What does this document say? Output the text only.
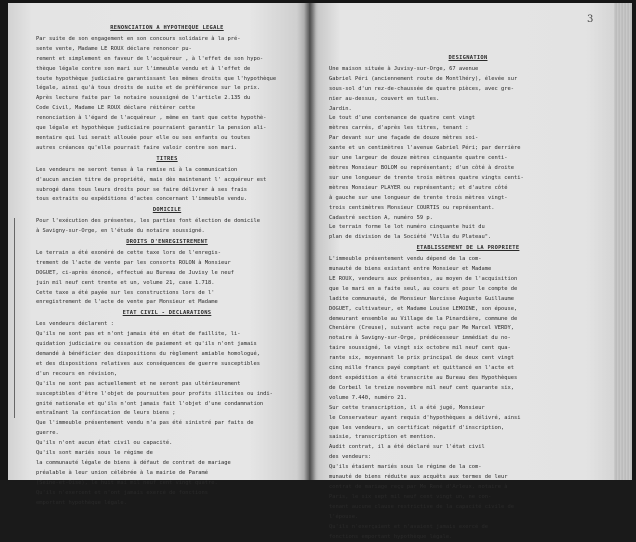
RENONCIATION A HYPOTHEQUE LEGALE
Par suite de son engagement en son concours solidaire à la pré-
sente vente, Madame LE ROUX déclare renoncer pu-
rement et simplement en faveur de l'acquéreur , à l'effet de son hypo-
thèque légale contre son mari sur l'immeuble vendu et à l'effet de
toute hypothèque judiciaire garantissant les mêmes droits que l'hypothèque
légale, ainsi qu'à tous droits de suite et de préférence sur le prix.
Après lecture faite par le notaire soussigné de l'article 2.135 du
Code Civil, Madame LE ROUX déclare réitérer cette
renonciation à l'égard de l'acquéreur , même en tant que cette hypothè-
que légale et hypothèque judiciaire pourraient garantir la pension ali-
mentaire qui lui serait allouée pour elle ou ses enfants ou toutes
autres créances qu'elle pourrait faire valoir contre son mari.
TITRES
Les vendeurs ne seront tenus à la remise ni à la communication
d'aucun ancien titre de propriété, mais dès maintenant l' acquéreur est
subrogé dans tous leurs droits pour se faire délivrer à ses frais
tous extraits ou expéditions d'actes concernant l'immeuble vendu.
DOMICILE
Pour l'exécution des présentes, les parties font élection de domicile
à Savigny-sur-Orge, en l'étude du notaire soussigné.
DROITS D'ENREGISTREMENT
Le terrain a été exonéré de cette taxe lors de l'enregis-
trement de l'acte de vente par les consorts ROLON à Monsieur
DOGUET, ci-après énoncé, effectué au Bureau de Juvisy le neuf
juin mil neuf cent trente et un, volume 21, case 1.718.
Cette taxe a été payée sur les constructions lors de l'
enregistrement de l'acte de vente par Monsieur et Madame
ETAT CIVIL - DECLARATIONS
Les vendeurs déclarent :
Qu'ils ne sont pas et n'ont jamais été en état de faillite, li-
quidation judiciaire ou cessation de paiement et qu'ils n'ont jamais
demandé à bénéficier des dispositions du règlement amiable homologué,
et des dispositions relatives aux conséquences de guerre susceptibles
d'un recours en révision,
Qu'ils ne sont pas actuellement et ne seront pas ultérieurement
susceptibles d'être l'objet de poursuites pour profits illicites ou indi-
gnité nationale et qu'ils n'ont jamais fait l'objet d'une condamnation
entraînant la confiscation de leurs biens ;
Que l'immeuble présentement vendu n'a pas été sinistré par faits de
guerre.
Qu'ils n'ont aucun état civil ou capacité.
Qu'ils sont mariés sous le régime de
la communauté légale de biens à défaut de contrat de mariage
préalable à leur union célébrée à la mairie de Paramé
(Seine-et-Oise), le huit mai mil neuf cent vingt quatre.
Qu'ils n'exercent et n'ont jamais exercé de fonctions
emportant hypothèque légale.
3
DESIGNATION
Une maison située à Juvisy-sur-Orge, 67 avenue
Gabriel Péri (anciennement route de Montlhéry), élevée sur
sous-sol d'un rez-de-chaussée de quatre pièces, avec gre-
nier au-dessus, couvert en tuiles.
Jardin.
Le tout d'une contenance de quatre cent vingt
mètres carrés, d'après les titres, tenant :
Par devant sur une façade de douze mètres soi-
xante et un centimètres l'avenue Gabriel Péri; par derrière
sur une largeur de douze mètres cinquante quatre centi-
mètres Monsieur BOLOM ou représentant; d'un côté à droite
sur une longueur de trente trois mètres quatre vingts centi-
mètres Monsieur PLAYER ou représentant; et d'autre côté
à gauche sur une longueur de trente trois mètres vingt-
trois centimètres Monsieur COURTIS ou représentant.
Cadastré section A, numéro 59 p.
Le terrain forme le lot numéro cinquante huit du
plan de division de la Société "Villa du Plateau".
ETABLISSEMENT DE LA PROPRIETE
L'immeuble présentement vendu dépend de la com-
munauté de biens existant entre Monsieur et Madame
LE ROUX, vendeurs aux présentes, au moyen de l'acquisition
que le mari en a faite seul, au cours et pour le compte de
ladite communauté, de Monsieur Narcisse Auguste Guillaume
DOGUET, cultivateur, et Madame Louise LEMOINE, son épouse,
demeurant ensemble au Village de la Pinardière, commune de
Chenière (Creuse), suivant acte reçu par Me Marcel VERDY,
notaire à Savigny-sur-Orge, prédécesseur immédiat du no-
taire soussigné, le vingt six octobre mil neuf cent qua-
rante six, moyennant le prix principal de deux cent vingt
cinq mille francs payé comptant et quittancé en l'acte et
dont expédition a été transcrite au Bureau des Hypothèques
de Corbeil le treize novembre mil neuf cent quarante six,
volume 7.440, numéro 21.
Sur cette transcription, il a été jugé, Monsieur
le Conservateur ayant requis d'hypothèques a délivré, ainsi
que les vendeurs, un certificat négatif d'inscription,
saisie, transcription et mention.
Audit contrat, il a été déclaré sur l'état civil
des vendeurs:
Qu'ils étaient mariés sous le régime de la com-
munauté de biens réduite aux acquêts aux termes de leur
contrat de mariage reçu par Me René d'Arleux, notaire à
Paris, le six sept mil neuf cent vingt un, ne con-
tenant aucune clause restrictive de la capacité civile de
l'épouse.
Qu'ils n'exerçaient et n'avaient jamais exercé de
fonctions emportant hypothèque légale.
